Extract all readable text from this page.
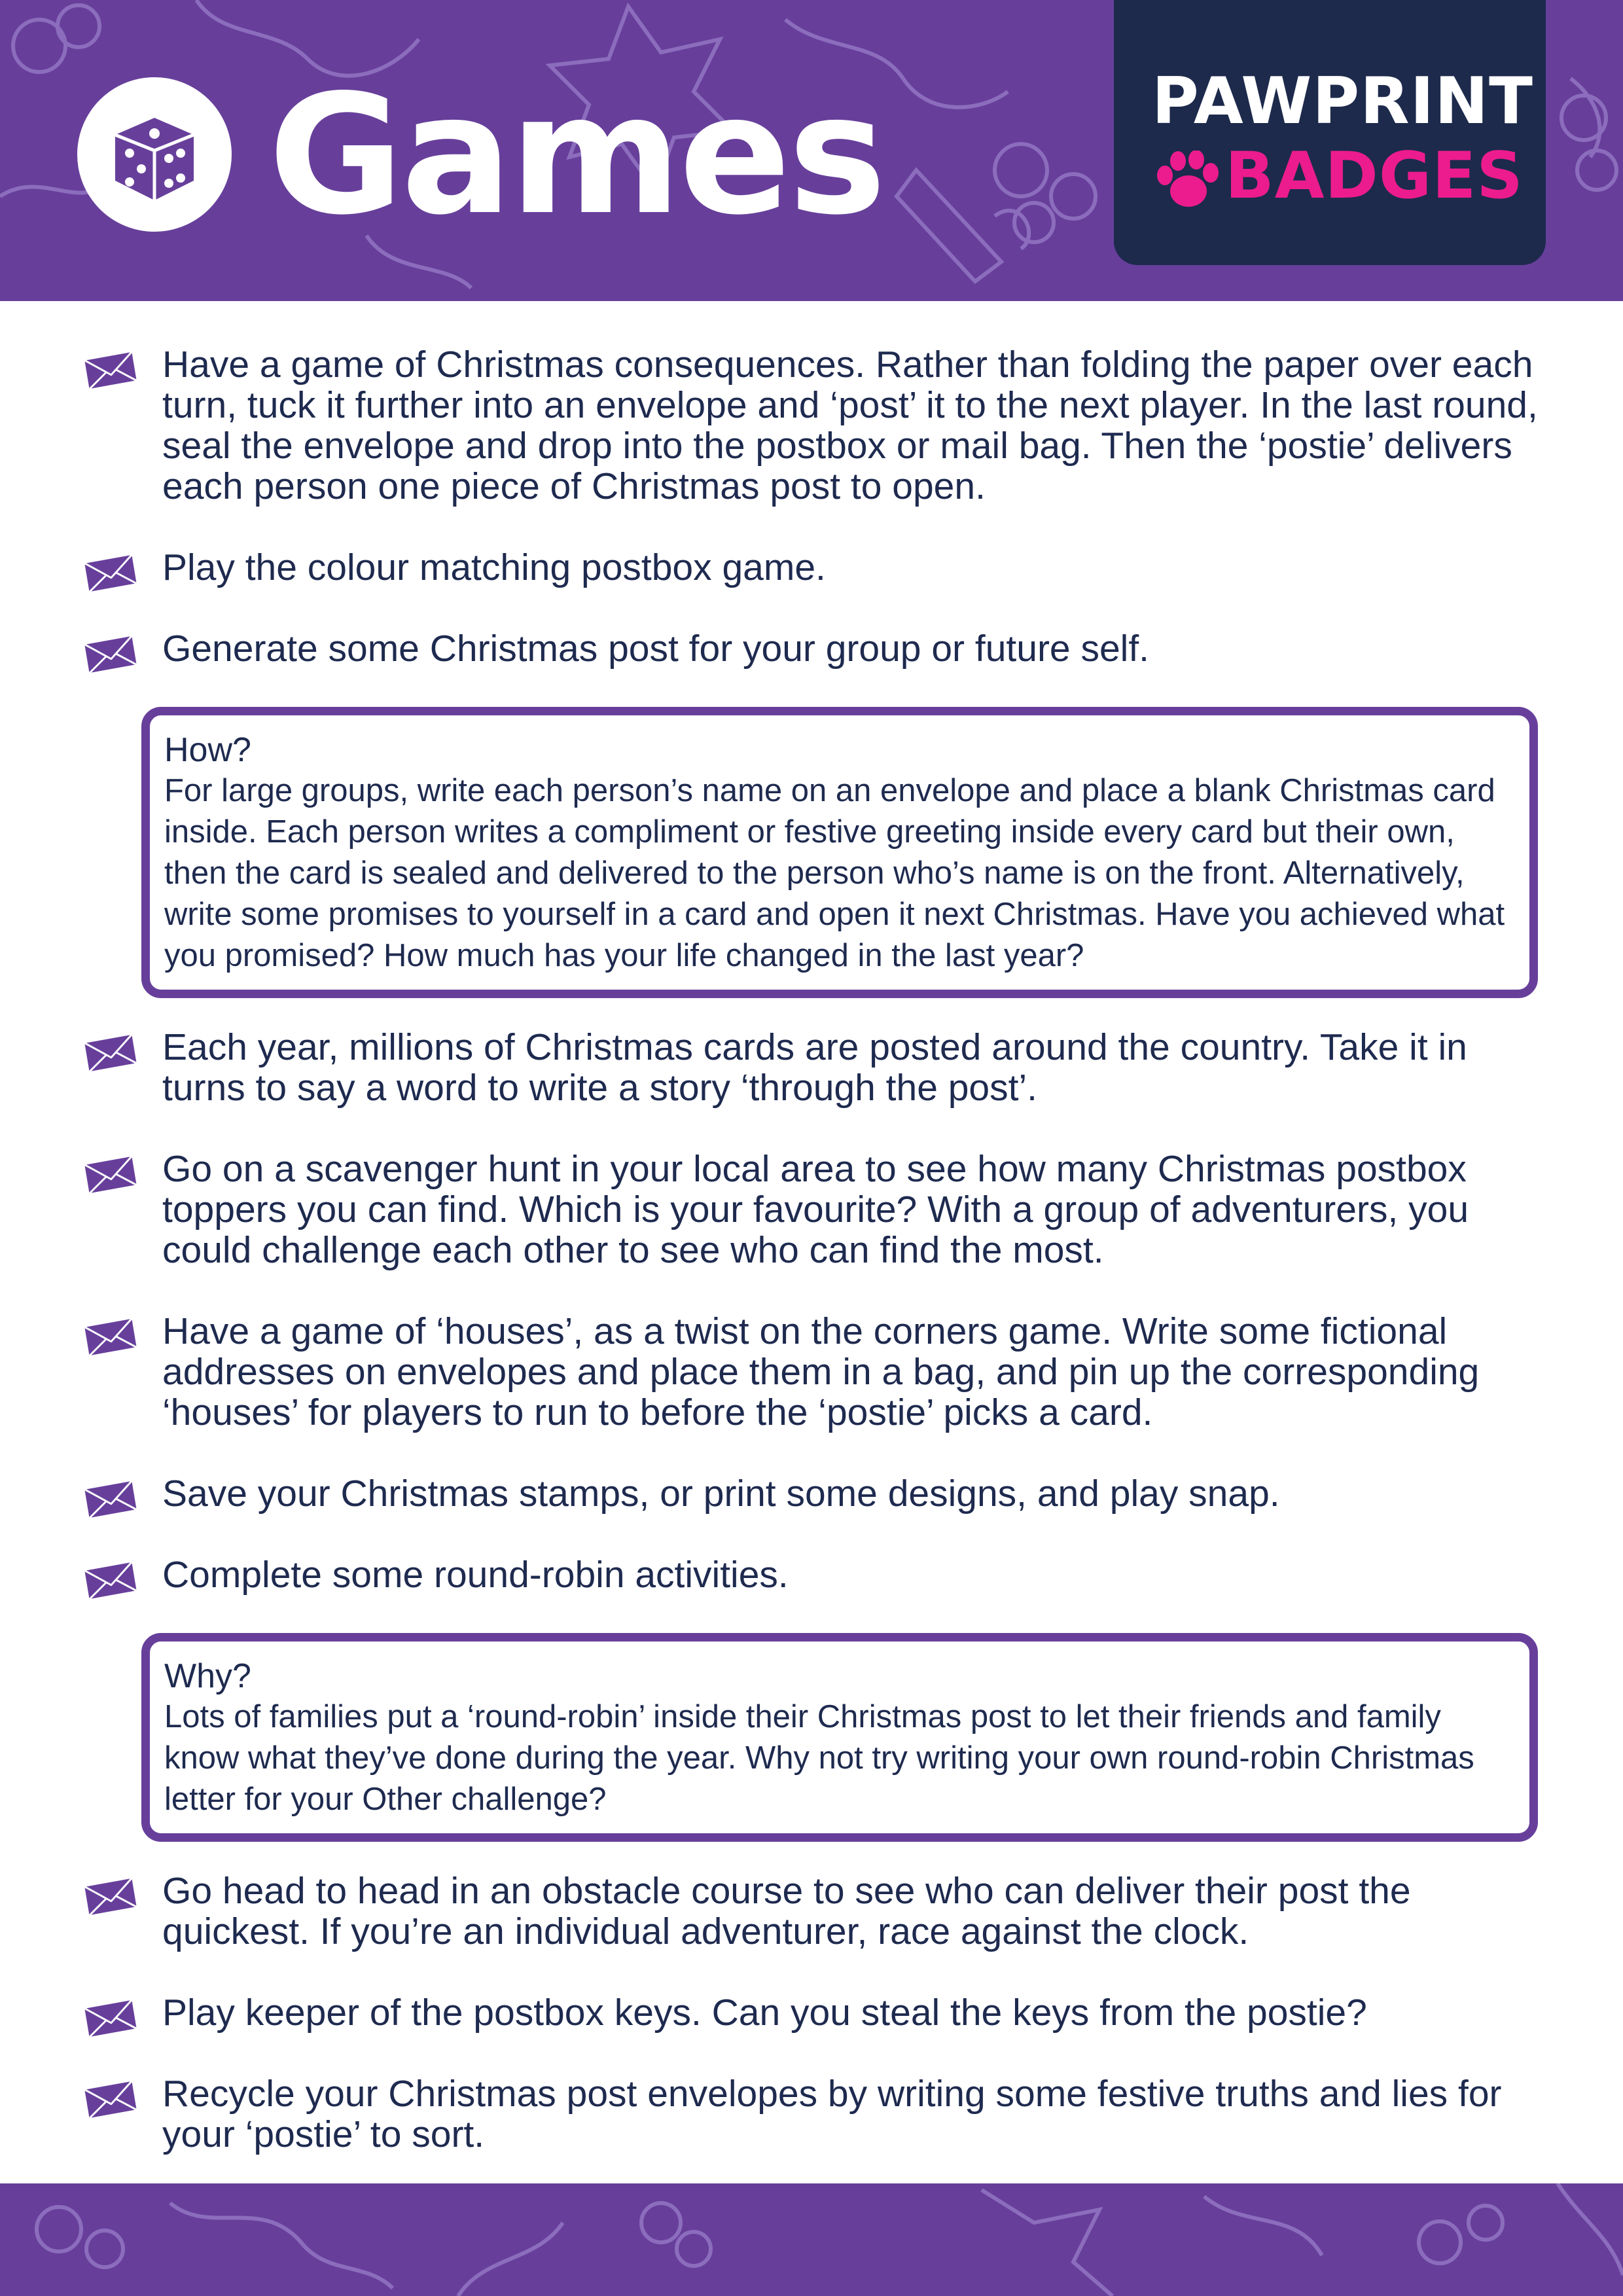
Games	PAWPRINT
BADGES
Have a game of Christmas consequences. Rather than folding the paper over each turn, tuck it further into an envelope and ‘post’ it to the next player. In the last round, seal the envelope and drop into the postbox or mail bag. Then the ‘postie’ delivers each person one piece of Christmas post to open.
Play the colour matching postbox game.
Generate some Christmas post for your group or future self.
How?
For large groups, write each person’s name on an envelope and place a blank Christmas card inside. Each person writes a compliment or festive greeting inside every card but their own, then the card is sealed and delivered to the person who’s name is on the front. Alternatively, write some promises to yourself in a card and open it next Christmas. Have you achieved what you promised? How much has your life changed in the last year?
Each year, millions of Christmas cards are posted around the country. Take it in turns to say a word to write a story ‘through the post’.
Go on a scavenger hunt in your local area to see how many Christmas postbox toppers you can find. Which is your favourite? With a group of adventurers, you could challenge each other to see who can find the most.
Have a game of ‘houses’, as a twist on the corners game. Write some fictional addresses on envelopes and place them in a bag, and pin up the corresponding ‘houses’ for players to run to before the ‘postie’ picks a card.
Save your Christmas stamps, or print some designs, and play snap.
Complete some round-robin activities.
Why?
Lots of families put a ‘round-robin’ inside their Christmas post to let their friends and family know what they’ve done during the year. Why not try writing your own round-robin Christmas letter for your Other challenge?
Go head to head in an obstacle course to see who can deliver their post the quickest. If you’re an individual adventurer, race against the clock.
Play keeper of the postbox keys. Can you steal the keys from the postie?
Recycle your Christmas post envelopes by writing some festive truths and lies for your ‘postie’ to sort.
